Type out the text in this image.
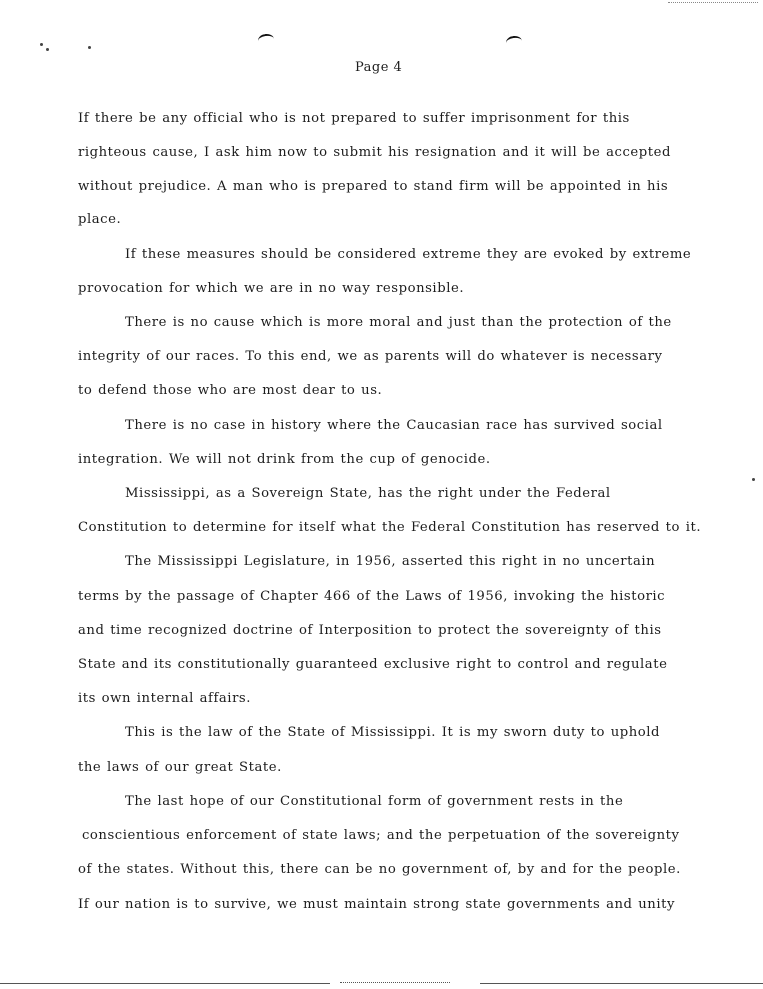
Page 4
If there be any official who is not prepared to suffer imprisonment for this
righteous cause, I ask him now to submit his resignation and it will be accepted
without prejudice. A man who is prepared to stand firm will be appointed in his
place.
If these measures should be considered extreme they are evoked by extreme
provocation for which we are in no way responsible.
There is no cause which is more moral and just than the protection of the
integrity of our races. To this end, we as parents will do whatever is necessary
to defend those who are most dear to us.
There is no case in history where the Caucasian race has survived social
integration. We will not drink from the cup of genocide.
Mississippi, as a Sovereign State, has the right under the Federal
Constitution to determine for itself what the Federal Constitution has reserved to it.
The Mississippi Legislature, in 1956, asserted this right in no uncertain
terms by the passage of Chapter 466 of the Laws of 1956, invoking the historic
and time recognized doctrine of Interposition to protect the sovereignty of this
State and its constitutionally guaranteed exclusive right to control and regulate
its own internal affairs.
This is the law of the State of Mississippi. It is my sworn duty to uphold
the laws of our great State.
The last hope of our Constitutional form of government rests in the
conscientious enforcement of state laws; and the perpetuation of the sovereignty
of the states. Without this, there can be no government of, by and for the people.
If our nation is to survive, we must maintain strong state governments and unity
